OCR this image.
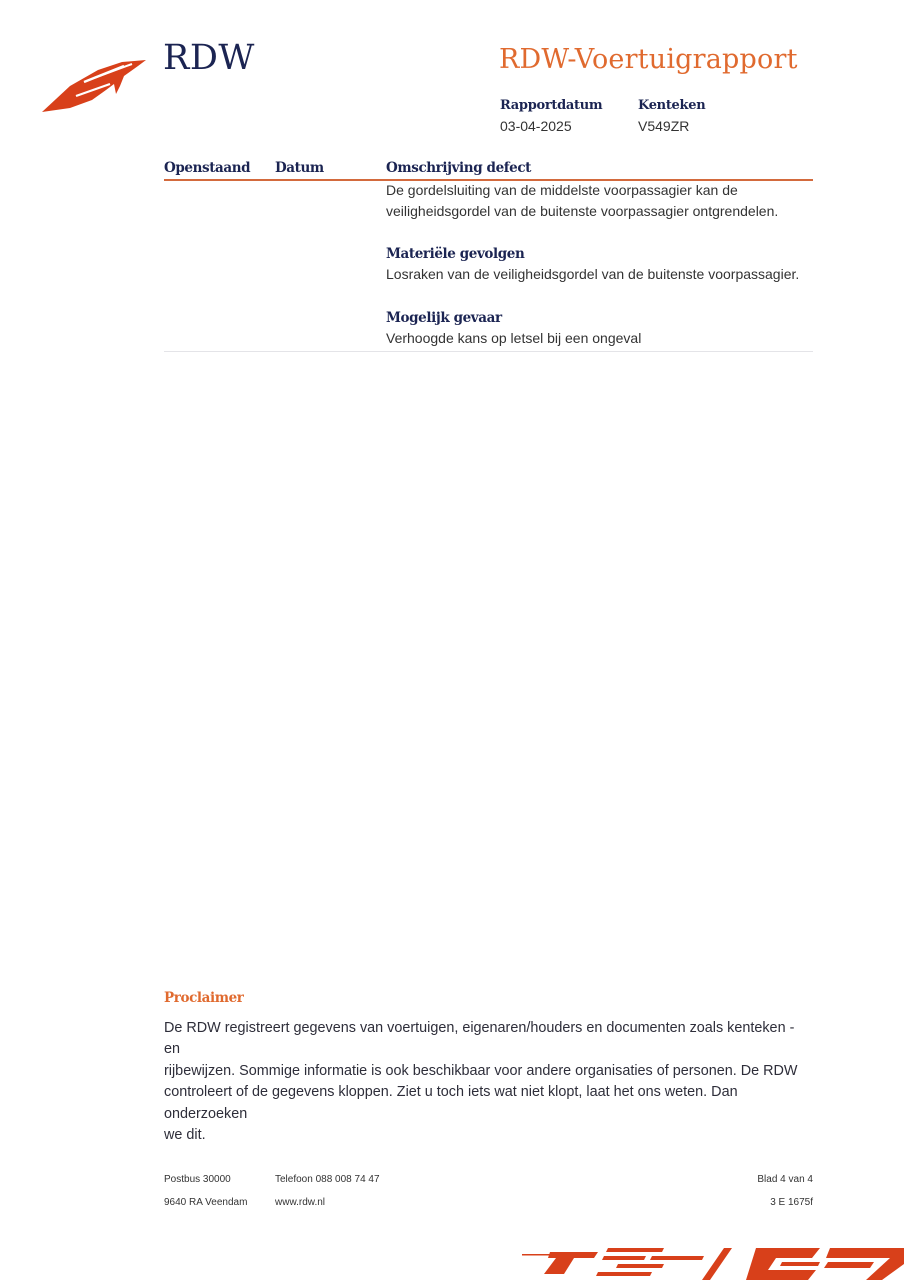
RDW	RDW-Voertuigrapport
Rapportdatum
03-04-2025
Kenteken
V549ZR
Openstaand Datum	Omschrijving defect
De gordelsluiting van de middelste voorpassagier kan de
veiligheidsgordel van de buitenste voorpassagier ontgrendelen.
Materiële gevolgen
Losraken van de veiligheidsgordel van de buitenste voorpassagier.
Mogelijk gevaar
Verhoogde kans op letsel bij een ongeval
Proclaimer
De RDW registreert gegevens van voertuigen, eigenaren/houders en documenten zoals kenteken - en
rijbewijzen. Sommige informatie is ook beschikbaar voor andere organisaties of personen. De RDW
controleert of de gegevens kloppen. Ziet u toch iets wat niet klopt, laat het ons weten. Dan onderzoeken
we dit.
Postbus 30000
9640 RA Veendam
Telefoon 088 008 74 47
www.rdw.nl
Blad 4 van 4
3 E 1675f
